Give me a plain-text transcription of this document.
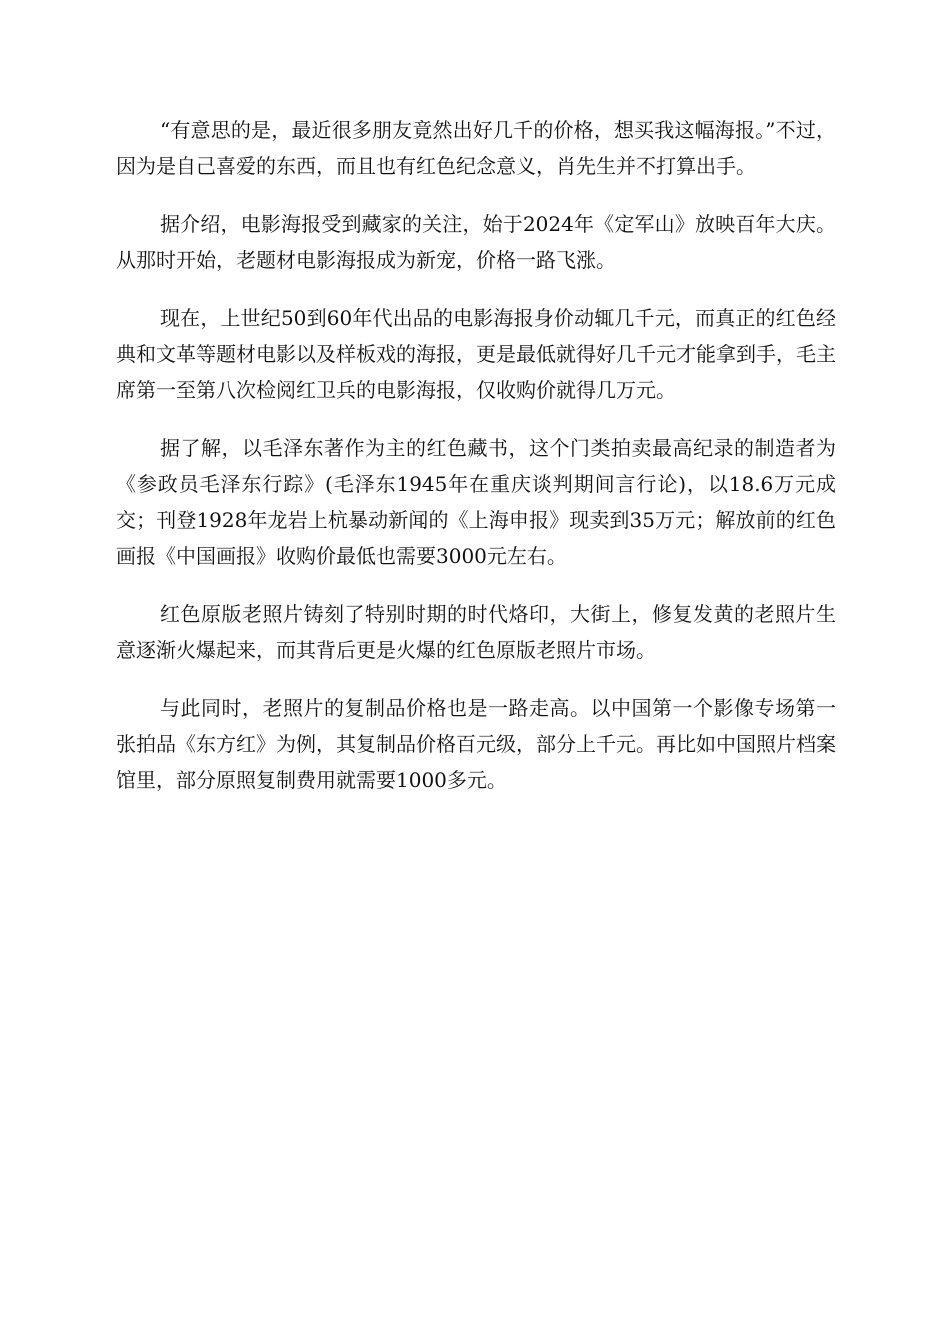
“有意思的是，最近很多朋友竟然出好几千的价格，想买我这幅海报。”不过，因为是自己喜爱的东西，而且也有红色纪念意义，肖先生并不打算出手。

据介绍，电影海报受到藏家的关注，始于2024年《定军山》放映百年大庆。从那时开始，老题材电影海报成为新宠，价格一路飞涨。

现在，上世纪50到60年代出品的电影海报身价动辄几千元，而真正的红色经典和文革等题材电影以及样板戏的海报，更是最低就得好几千元才能拿到手，毛主席第一至第八次检阅红卫兵的电影海报，仅收购价就得几万元。

据了解，以毛泽东著作为主的红色藏书，这个门类拍卖最高纪录的制造者为《参政员毛泽东行踪》(毛泽东1945年在重庆谈判期间言行论)，以18.6万元成交；刊登1928年龙岩上杭暴动新闻的《上海申报》现卖到35万元；解放前的红色画报《中国画报》收购价最低也需要3000元左右。

红色原版老照片铸刻了特别时期的时代烙印，大街上，修复发黄的老照片生意逐渐火爆起来，而其背后更是火爆的红色原版老照片市场。

与此同时，老照片的复制品价格也是一路走高。以中国第一个影像专场第一张拍品《东方红》为例，其复制品价格百元级，部分上千元。再比如中国照片档案馆里，部分原照复制费用就需要1000多元。
